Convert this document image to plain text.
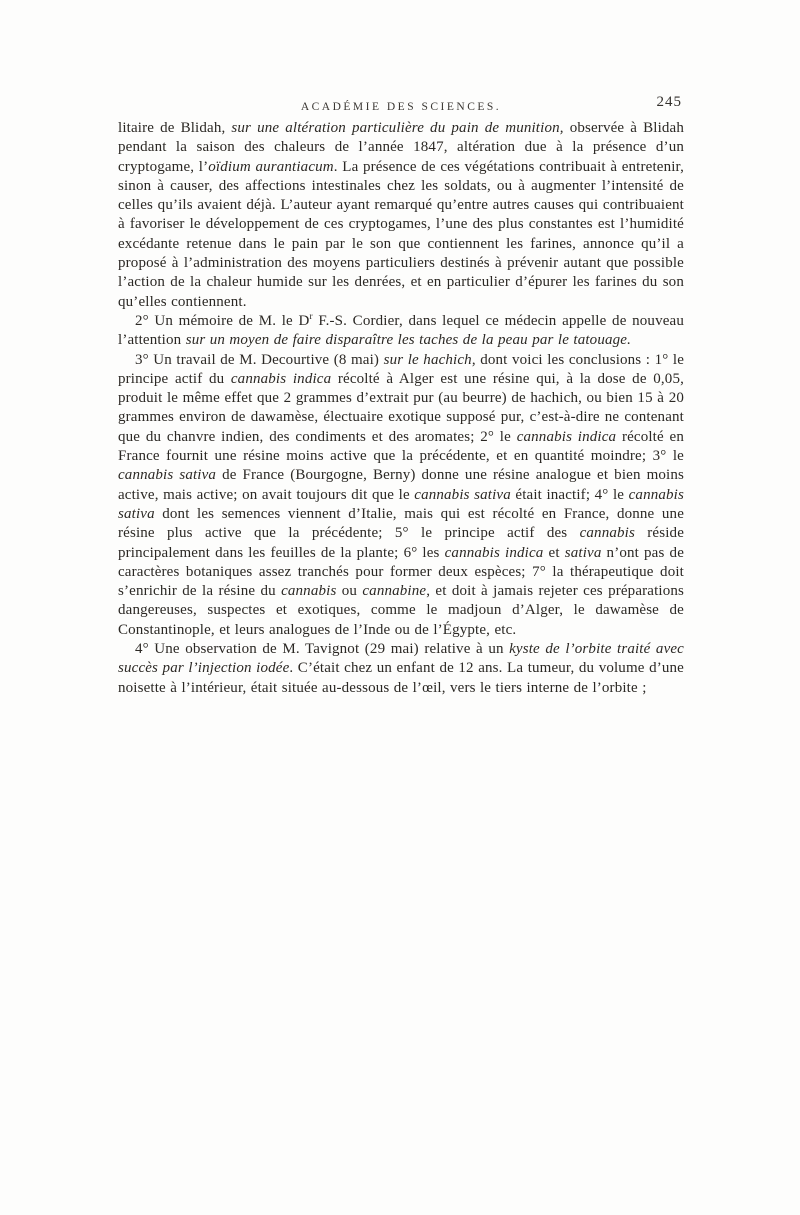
ACADÉMIE DES SCIENCES.	245

litaire de Blidah, sur une altération particulière du pain de munition, observée à Blidah pendant la saison des chaleurs de l’année 1847, altération due à la présence d’un cryptogame, l’oïdium aurantiacum. La présence de ces végétations contribuait à entretenir, sinon à causer, des affections intestinales chez les soldats, ou à augmenter l’intensité de celles qu’ils avaient déjà. L’auteur ayant remarqué qu’entre autres causes qui contribuaient à favoriser le développement de ces cryptogames, l’une des plus constantes est l’humidité excédante retenue dans le pain par le son que contiennent les farines, annonce qu’il a proposé à l’administration des moyens particuliers destinés à prévenir autant que possible l’action de la chaleur humide sur les denrées, et en particulier d’épurer les farines du son qu’elles contiennent.

2° Un mémoire de M. le $D^r$ F.-S. Cordier, dans lequel ce médecin appelle de nouveau l’attention sur un moyen de faire disparaître les taches de la peau par le tatouage.

3° Un travail de M. Decourtive (8 mai) sur le hachich, dont voici les conclusions : 1° le principe actif du cannabis indica récolté à Alger est une résine qui, à la dose de 0,05, produit le même effet que 2 grammes d’extrait pur (au beurre) de hachich, ou bien 15 à 20 grammes environ de dawamèse, électuaire exotique supposé pur, c’est-à-dire ne contenant que du chanvre indien, des condiments et des aromates; 2° le cannabis indica récolté en France fournit une résine moins active que la précédente, et en quantité moindre; 3° le cannabis sativa de France (Bourgogne, Berny) donne une résine analogue et bien moins active, mais active; on avait toujours dit que le cannabis sativa était inactif; 4° le cannabis sativa dont les semences viennent d’Italie, mais qui est récolté en France, donne une résine plus active que la précédente; 5° le principe actif des cannabis réside principalement dans les feuilles de la plante; 6° les cannabis indica et sativa n’ont pas de caractères botaniques assez tranchés pour former deux espèces; 7° la thérapeutique doit s’enrichir de la résine du cannabis ou cannabine, et doit à jamais rejeter ces préparations dangereuses, suspectes et exotiques, comme le madjoun d’Alger, le dawamèse de Constantinople, et leurs analogues de l’Inde ou de l’Égypte, etc.

4° Une observation de M. Tavignot (29 mai) relative à un kyste de l’orbite traité avec succès par l’injection iodée. C’était chez un enfant de 12 ans. La tumeur, du volume d’une noisette à l’intérieur, était située au-dessous de l’œil, vers le tiers interne de l’orbite ;
